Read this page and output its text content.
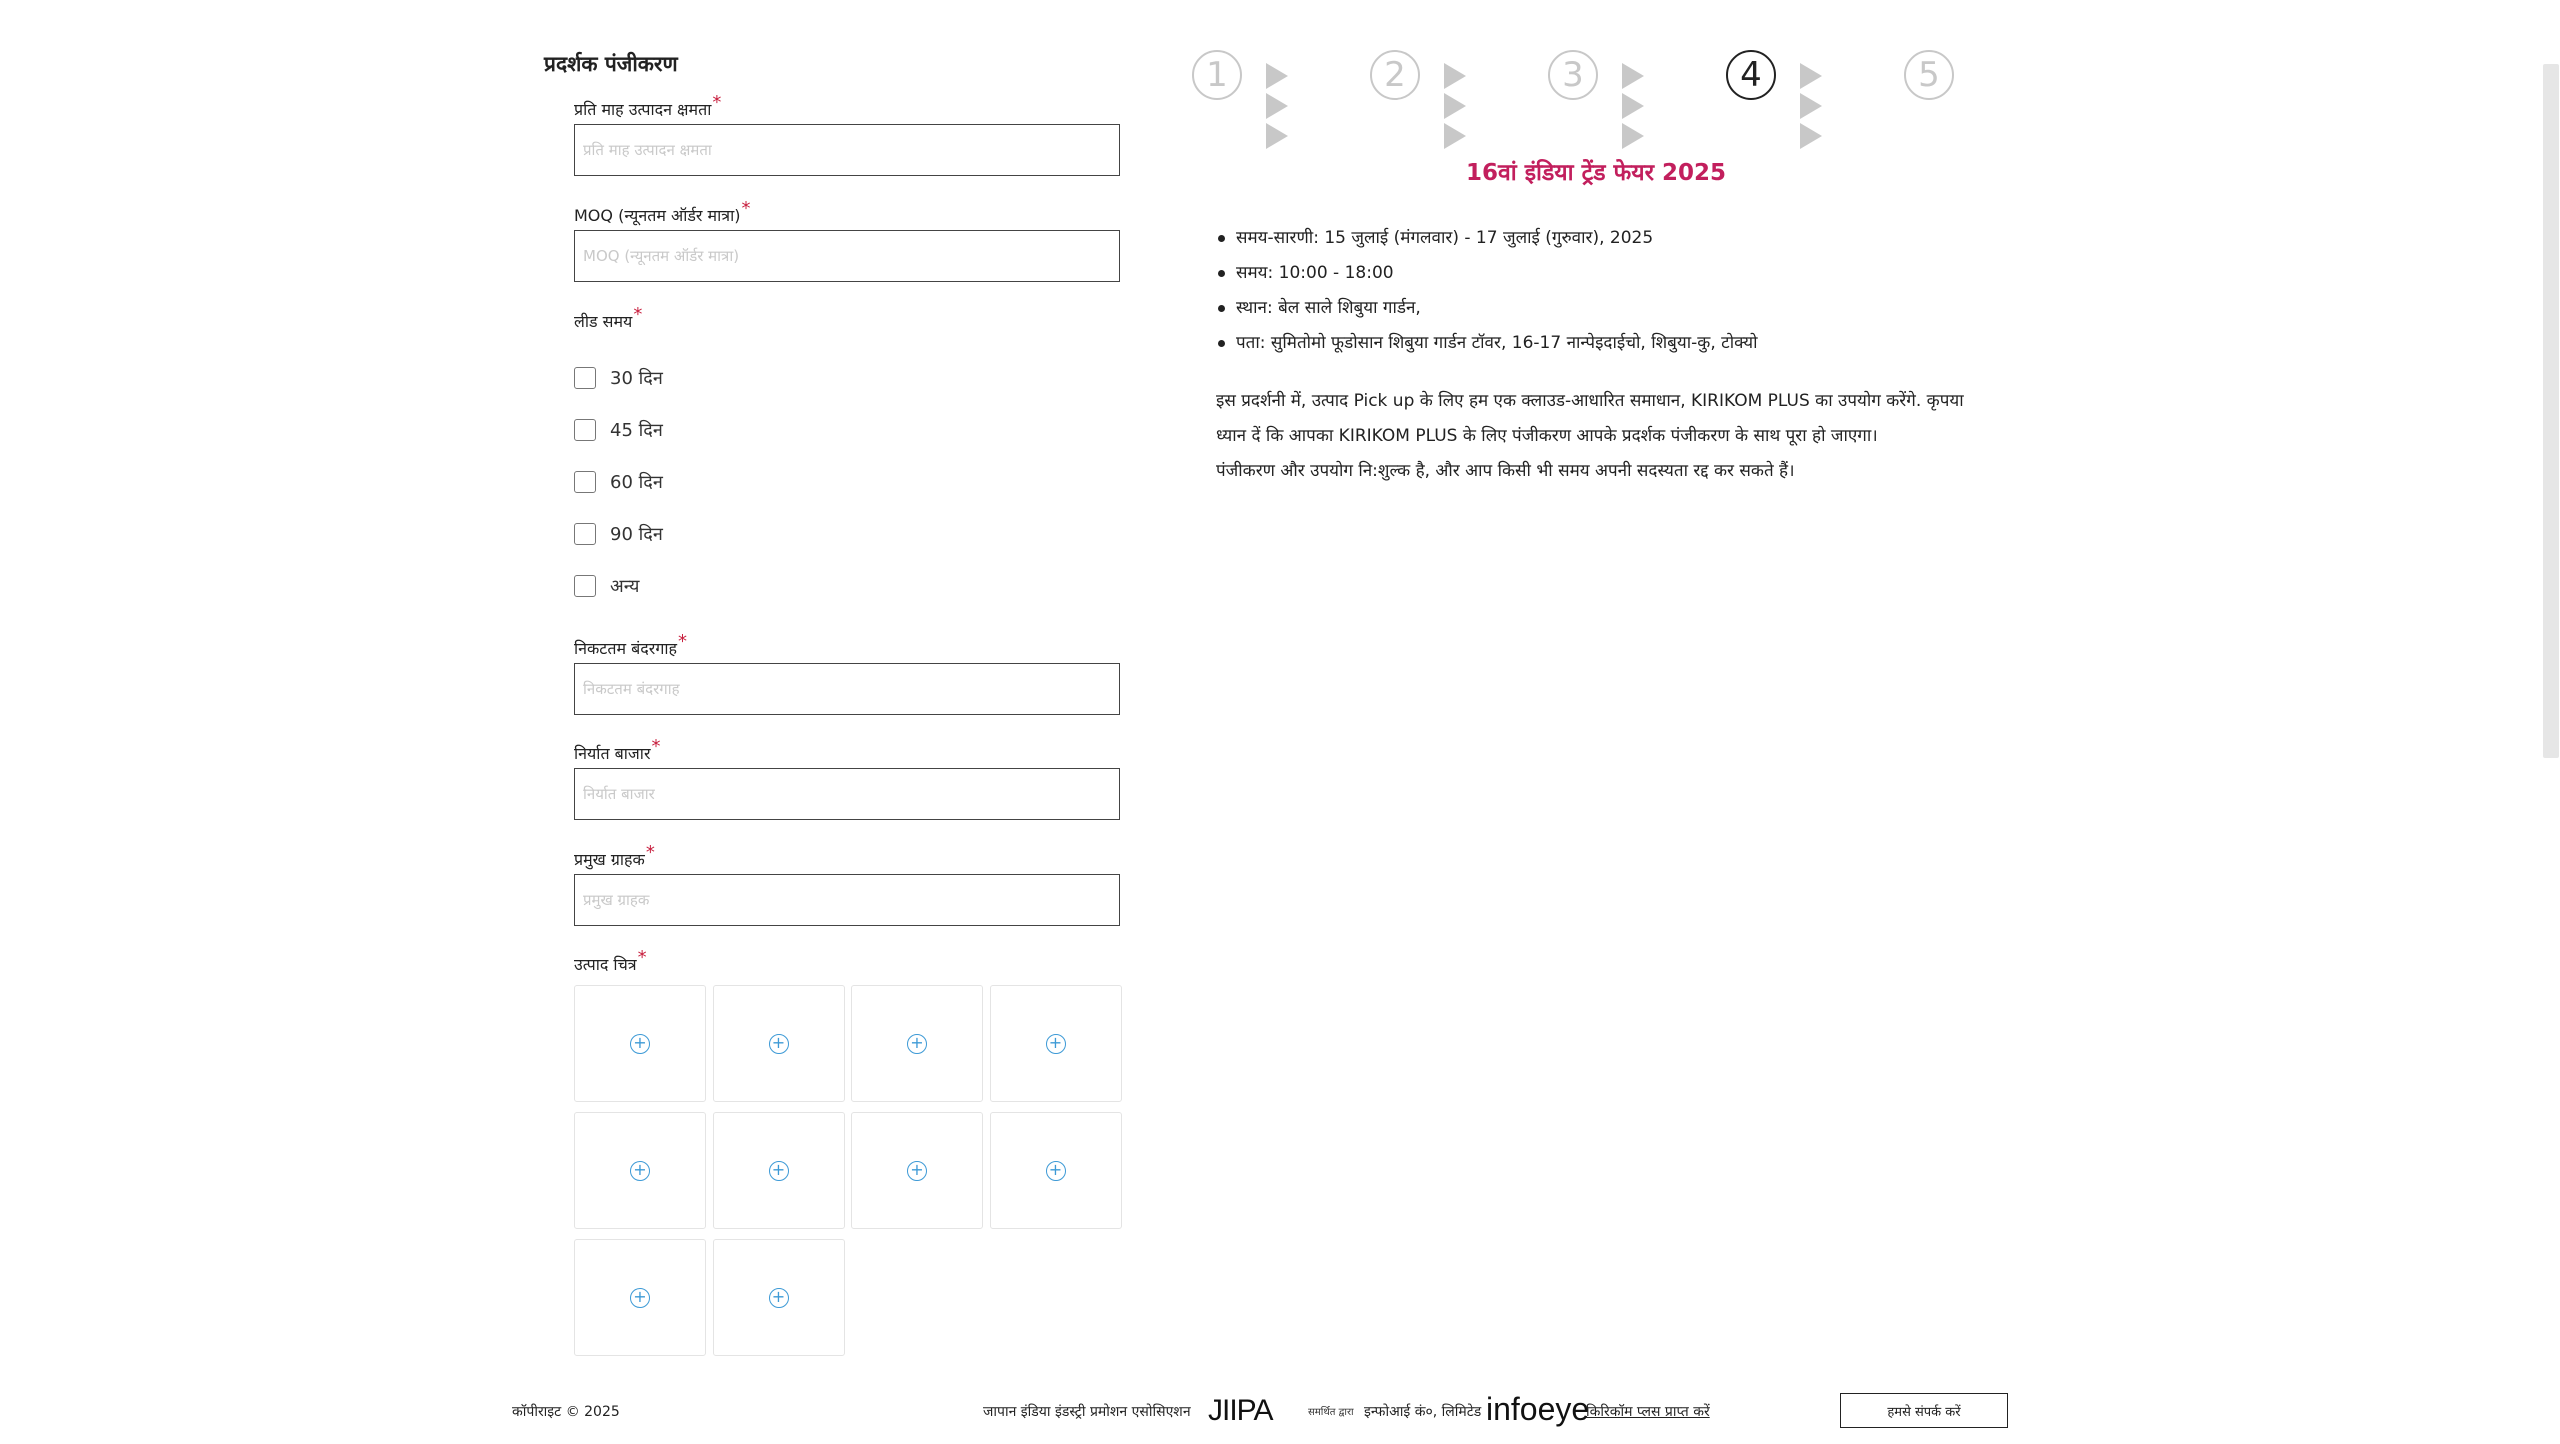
प्रदर्शक पंजीकरण
प्रति माह उत्पादन क्षमता*
प्रति माह उत्पादन क्षमता
MOQ (न्यूनतम ऑर्डर मात्रा)*
MOQ (न्यूनतम ऑर्डर मात्रा)
लीड समय*
30 दिन
45 दिन
60 दिन
90 दिन
अन्य
निकटतम बंदरगाह*
निकटतम बंदरगाह
निर्यात बाजार*
निर्यात बाजार
प्रमुख ग्राहक*
प्रमुख ग्राहक
उत्पाद चित्र*
+	+	+	+
+	+	+	+
+	+
1	2	3	4	5
16वां इंडिया ट्रेंड फेयर 2025
समय-सारणी: 15 जुलाई (मंगलवार) - 17 जुलाई (गुरुवार), 2025
समय: 10:00 - 18:00
स्थान: बेल साले शिबुया गार्डन,
पता: सुमितोमो फूडोसान शिबुया गार्डन टॉवर, 16-17 नान्पेइदाईचो, शिबुया-कु, टोक्यो

इस प्रदर्शनी में, उत्पाद Pick up के लिए हम एक क्लाउड-आधारित समाधान, KIRIKOM PLUS का उपयोग करेंगे. कृपया ध्यान दें कि आपका KIRIKOM PLUS के लिए पंजीकरण आपके प्रदर्शक पंजीकरण के साथ पूरा हो जाएगा।

पंजीकरण और उपयोग नि:शुल्क है, और आप किसी भी समय अपनी सदस्यता रद्द कर सकते हैं।

कॉपीराइट © 2025	जापान इंडिया इंडस्ट्री प्रमोशन एसोसिएशन JIIPA	समर्थित द्वारा इन्फोआई कं०, लिमिटेड infoeye
किरिकॉम प्लस प्राप्त करें	हमसे संपर्क करें
